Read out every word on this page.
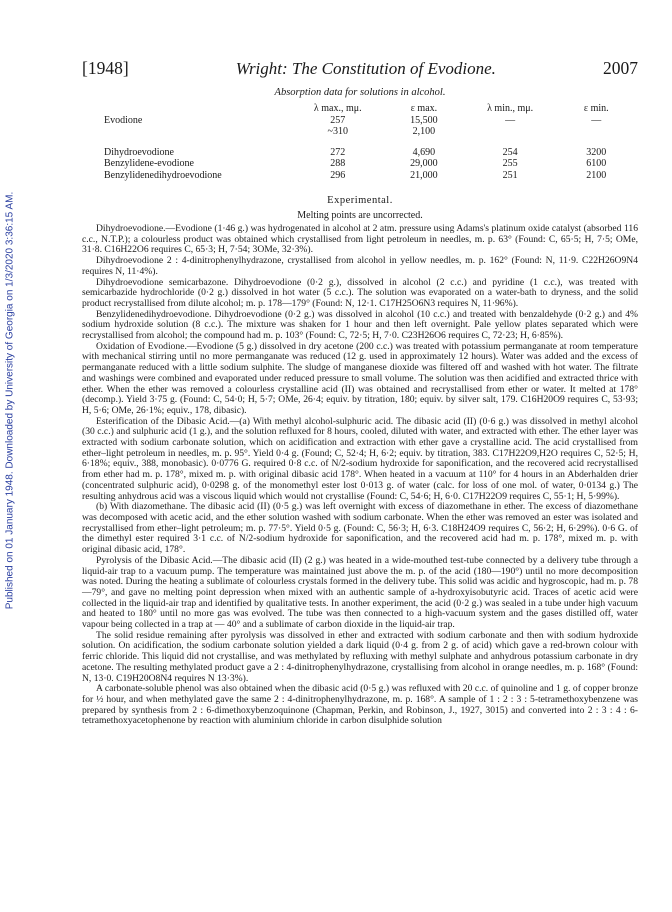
Published on 01 January 1948. Downloaded by University of Georgia on 1/3/2020 3:36:15 AM.
[1948]	Wright: The Constitution of Evodione.	2007
Absorption data for solutions in alcohol.
	λ max., mμ.	ε max.	λ min., mμ.	ε min.
Evodione	257	15,500	—	—
	~310	2,100		

Dihydroevodione	272	4,690	254	3200
Benzylidene-evodione	288	29,000	255	6100
Benzylidenedihydroevodione	296	21,000	251	2100
Experimental.
Melting points are uncorrected.

Dihydroevodione.—Evodione (1·46 g.) was hydrogenated in alcohol at 2 atm. pressure using Adams's platinum oxide catalyst (absorbed 116 c.c., N.T.P.); a colourless product was obtained which crystallised from light petroleum in needles, m. p. 63° (Found: C, 65·5; H, 7·5; OMe, 31·8. C16H22O6 requires C, 65·3; H, 7·54; 3OMe, 32·3%).

Dihydroevodione 2 : 4-dinitrophenylhydrazone, crystallised from alcohol in yellow needles, m. p. 162° (Found: N, 11·9. C22H26O9N4 requires N, 11·4%).

Dihydroevodione semicarbazone. Dihydroevodione (0·2 g.), dissolved in alcohol (2 c.c.) and pyridine (1 c.c.), was treated with semicarbazide hydrochloride (0·2 g.) dissolved in hot water (5 c.c.). The solution was evaporated on a water-bath to dryness, and the solid product recrystallised from dilute alcohol; m. p. 178—179° (Found: N, 12·1. C17H25O6N3 requires N, 11·96%).

Benzylidenedihydroevodione. Dihydroevodione (0·2 g.) was dissolved in alcohol (10 c.c.) and treated with benzaldehyde (0·2 g.) and 4% sodium hydroxide solution (8 c.c.). The mixture was shaken for 1 hour and then left overnight. Pale yellow plates separated which were recrystallised from alcohol; the compound had m. p. 103° (Found: C, 72·5; H, 7·0. C23H26O6 requires C, 72·23; H, 6·85%).

Oxidation of Evodione.—Evodione (5 g.) dissolved in dry acetone (200 c.c.) was treated with potassium permanganate at room temperature with mechanical stirring until no more permanganate was reduced (12 g. used in approximately 12 hours). Water was added and the excess of permanganate reduced with a little sodium sulphite. The sludge of manganese dioxide was filtered off and washed with hot water. The filtrate and washings were combined and evaporated under reduced pressure to small volume. The solution was then acidified and extracted thrice with ether. When the ether was removed a colourless crystalline acid (II) was obtained and recrystallised from ether or water. It melted at 178° (decomp.). Yield 3·75 g. (Found: C, 54·0; H, 5·7; OMe, 26·4; equiv. by titration, 180; equiv. by silver salt, 179. C16H20O9 requires C, 53·93; H, 5·6; OMe, 26·1%; equiv., 178, dibasic).

Esterification of the Dibasic Acid.—(a) With methyl alcohol-sulphuric acid. The dibasic acid (II) (0·6 g.) was dissolved in methyl alcohol (30 c.c.) and sulphuric acid (1 g.), and the solution refluxed for 8 hours, cooled, diluted with water, and extracted with ether. The ether layer was extracted with sodium carbonate solution, which on acidification and extraction with ether gave a crystalline acid. The acid crystallised from ether–light petroleum in needles, m. p. 95°. Yield 0·4 g. (Found; C, 52·4; H, 6·2; equiv. by titration, 383. C17H22O9,H2O requires C, 52·5; H, 6·18%; equiv., 388, monobasic). 0·0776 G. required 0·8 c.c. of N/2-sodium hydroxide for saponification, and the recovered acid recrystallised from ether had m. p. 178°, mixed m. p. with original dibasic acid 178°. When heated in a vacuum at 110° for 4 hours in an Abderhalden drier (concentrated sulphuric acid), 0·0298 g. of the monomethyl ester lost 0·013 g. of water (calc. for loss of one mol. of water, 0·0134 g.) The resulting anhydrous acid was a viscous liquid which would not crystallise (Found: C, 54·6; H, 6·0. C17H22O9 requires C, 55·1; H, 5·99%).

(b) With diazomethane. The dibasic acid (II) (0·5 g.) was left overnight with excess of diazomethane in ether. The excess of diazomethane was decomposed with acetic acid, and the ether solution washed with sodium carbonate. When the ether was removed an ester was isolated and recrystallised from ether–light petroleum; m. p. 77·5°. Yield 0·5 g. (Found: C, 56·3; H, 6·3. C18H24O9 requires C, 56·2; H, 6·29%). 0·6 G. of the dimethyl ester required 3·1 c.c. of N/2-sodium hydroxide for saponification, and the recovered acid had m. p. 178°, mixed m. p. with original dibasic acid, 178°.

Pyrolysis of the Dibasic Acid.—The dibasic acid (II) (2 g.) was heated in a wide-mouthed test-tube connected by a delivery tube through a liquid-air trap to a vacuum pump. The temperature was maintained just above the m. p. of the acid (180—190°) until no more decomposition was noted. During the heating a sublimate of colourless crystals formed in the delivery tube. This solid was acidic and hygroscopic, had m. p. 78—79°, and gave no melting point depression when mixed with an authentic sample of a-hydroxyisobutyric acid. Traces of acetic acid were collected in the liquid-air trap and identified by qualitative tests. In another experiment, the acid (0·2 g.) was sealed in a tube under high vacuum and heated to 180° until no more gas was evolved. The tube was then connected to a high-vacuum system and the gases distilled off, water vapour being collected in a trap at — 40° and a sublimate of carbon dioxide in the liquid-air trap.

The solid residue remaining after pyrolysis was dissolved in ether and extracted with sodium carbonate and then with sodium hydroxide solution. On acidification, the sodium carbonate solution yielded a dark liquid (0·4 g. from 2 g. of acid) which gave a red-brown colour with ferric chloride. This liquid did not crystallise, and was methylated by refluxing with methyl sulphate and anhydrous potassium carbonate in dry acetone. The resulting methylated product gave a 2 : 4-dinitrophenylhydrazone, crystallising from alcohol in orange needles, m. p. 168° (Found: N, 13·0. C19H20O8N4 requires N 13·3%).

A carbonate-soluble phenol was also obtained when the dibasic acid (0·5 g.) was refluxed with 20 c.c. of quinoline and 1 g. of copper bronze for ½ hour, and when methylated gave the same 2 : 4-dinitrophenylhydrazone, m. p. 168°. A sample of 1 : 2 : 3 : 5-tetramethoxybenzene was prepared by synthesis from 2 : 6-dimethoxybenzoquinone (Chapman, Perkin, and Robinson, J., 1927, 3015) and converted into 2 : 3 : 4 : 6-tetramethoxyacetophenone by reaction with aluminium chloride in carbon disulphide solution
